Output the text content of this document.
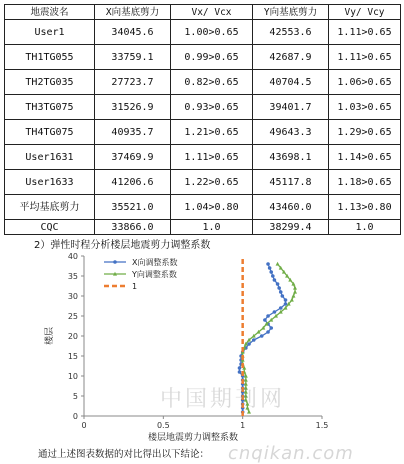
地震波名	X向基底剪力	Vx/ Vcx	Y向基底剪力	Vy/ Vcy
User1	34045.6	1.00>0.65	42553.6	1.11>0.65
TH1TG055	33759.1	0.99>0.65	42687.9	1.11>0.65
TH2TG035	27723.7	0.82>0.65	40704.5	1.06>0.65
TH3TG075	31526.9	0.93>0.65	39401.7	1.03>0.65
TH4TG075	40935.7	1.21>0.65	49643.3	1.29>0.65
User1631	37469.9	1.11>0.65	43698.1	1.14>0.65
User1633	41206.6	1.22>0.65	45117.8	1.18>0.65
平均基底剪力	35521.0	1.04>0.80	43460.0	1.13>0.80
CQC	33866.0	1.0	38299.4	1.0
2）弹性时程分析楼层地震剪力调整系数
0
5
10
15
20
25
30
35
40
0	0.5	1	1.5
楼层地震剪力调整系数
楼层
X向调整系数
Y向调整系数
1
中国期刊网
cnqikan.com
通过上述图表数据的对比得出以下结论：
